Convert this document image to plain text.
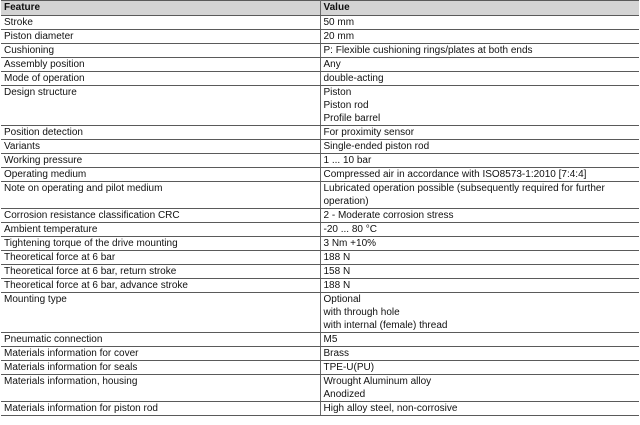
Feature	Value
Stroke	50 mm

Piston diameter	20 mm

Cushioning	P: Flexible cushioning rings/plates at both ends

Assembly position	Any

Mode of operation	double-acting

Design structure	Piston
Piston rod
Profile barrel

Position detection	For proximity sensor

Variants	Single-ended piston rod

Working pressure	1 ... 10 bar

Operating medium	Compressed air in accordance with ISO8573-1:2010 [7:4:4]

Note on operating and pilot medium	Lubricated operation possible (subsequently required for further
operation)

Corrosion resistance classification CRC	2 - Moderate corrosion stress

Ambient temperature	-20 ... 80 °C

Tightening torque of the drive mounting	3 Nm +10%

Theoretical force at 6 bar	188 N

Theoretical force at 6 bar, return stroke	158 N

Theoretical force at 6 bar, advance stroke	188 N

Mounting type	Optional
with through hole
with internal (female) thread

Pneumatic connection	M5

Materials information for cover	Brass

Materials information for seals	TPE-U(PU)

Materials information, housing	Wrought Aluminum alloy
Anodized

Materials information for piston rod	High alloy steel, non-corrosive
